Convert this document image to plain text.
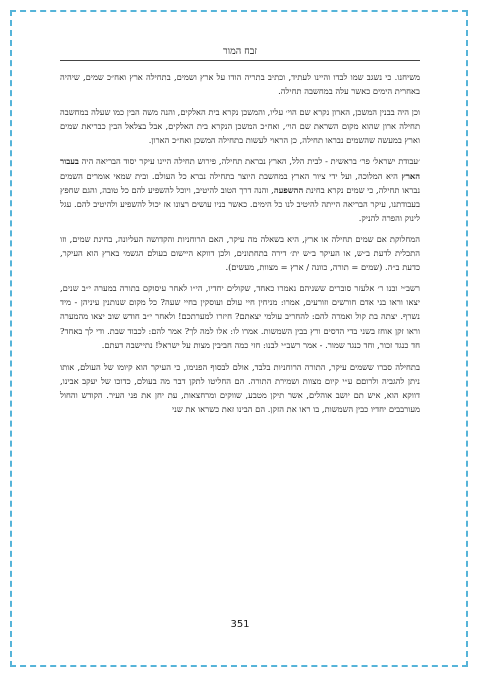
זבח המור

משיחנו. כי נשגב שמו לבדו והיינו לעתיד, וכתיב בתריה הודו על ארץ ושמים, בתחילה ארץ ואח״כ שמים, שיהיה באחרית הימים כאשר עלה במחשבה תחילה.

וכן היה בבנין המשכן, הארון נקרא שם הוי׳ עליו, והמשכן נקרא בית האלקים, והנה משה הבין כמו שעלה במחשבה תחילה ארון שהוא מקום השראת שם הוי׳, ואח״כ המשכן הנקרא בית האלקים, אבל בצלאל הבין כבריאת שמים וארץ במעשה שהשמים נבראו תחילה, כן הראוי לעשות בתחילה המשכן ואח״כ הארון.

׳עבודת ישראל׳ פר׳ בראשית - לבית הלל, הארץ נבראת תחילה, פירוש תחילה היינו עיקר יסוד הבריאה היה בעבור הארץ היא המלוכה, ועל ידי ציור הארץ במחשבת היוצר בתחילה נברא כל העולם. ובית שמאי אומרים השמים נבראו תחילה, כי שמים נקרא בחינת ההשפעה, והנה דרך הטוב להיטיב, ויוכל להשפיע להם כל טובה, והגם שחפץ בעבודתנו, עיקר הבריאה הייתה להיטיב לנו כל הימים. כאשר בניו עושים רצונו אז יכול להשפיע ולהיטיב להם. עגל לינוק והפרה להניק.

המחלוקת אם שמים תחילה או ארץ, היא בשאלה מה עיקר, האם הרוחניות והקדושה העליונה, בחינת שמים, וזו התכלית לדעת ב״ש, או העיקר ב״ש ית׳ דירה בתחתונים, ולכן דווקא היישום בעולם הגשמי בארץ הוא העיקר, כדעת ב״ה. (שמים = תורה, כוונה / ארץ = מצוות, מעשים).

רשב״י ובנו ר׳ אלעזר סוברים ששניהם נאמרו כאחד, שקולים יחדיו, הי״ו לאחר עיסוקם בתורה במערה י״ב שנים, יצאו וראו בני אדם חורשים וזורעים, אמרו: מניחין חיי עולם ועוסקין בחיי שעה? כל מקום שנותנין עיניהן - מיד נשרף. יצתה בת קול ואמרה להם: להחריב עולמי יצאתם? חיזרו למערתכם! ולאחר י״ב חודש שוב יצאו מהמערה וראו זקן אוחז בשני בדי הדסים ורץ בבין השמשות. אמרו לו: אלו למה לך? אמר להם: לכבוד שבת. ודי לך באחד? חד כנגד זכור, וחד כנגד שמור. - אמר רשב״י לבנו: חזי כמה חביבין מצות על ישראל! נתיישבה דעתם.

בתחילה סברו ששמים עיקר, התורה הרוחניות בלבד, אולם לבסוף הפנימו, כי העיקר הוא קיומו של העולם, אותו ניתן להגביה ולרוםם ע״י קיום מצוות ושמירת התורה. הם החליטו לתקן דבר מה בעולם, כדוכו של יעקב אבינו, דווקא הוא, איש תם יושב אוהלים, אשר תיקן מטבע, שווקים ומרחצאות, עת יחן את פני העיר. הקודש והחול מעורבבים יחדיו כבין השמשות, בו ראו את הזקן. הם הבינו זאת כשראו את שני

351
